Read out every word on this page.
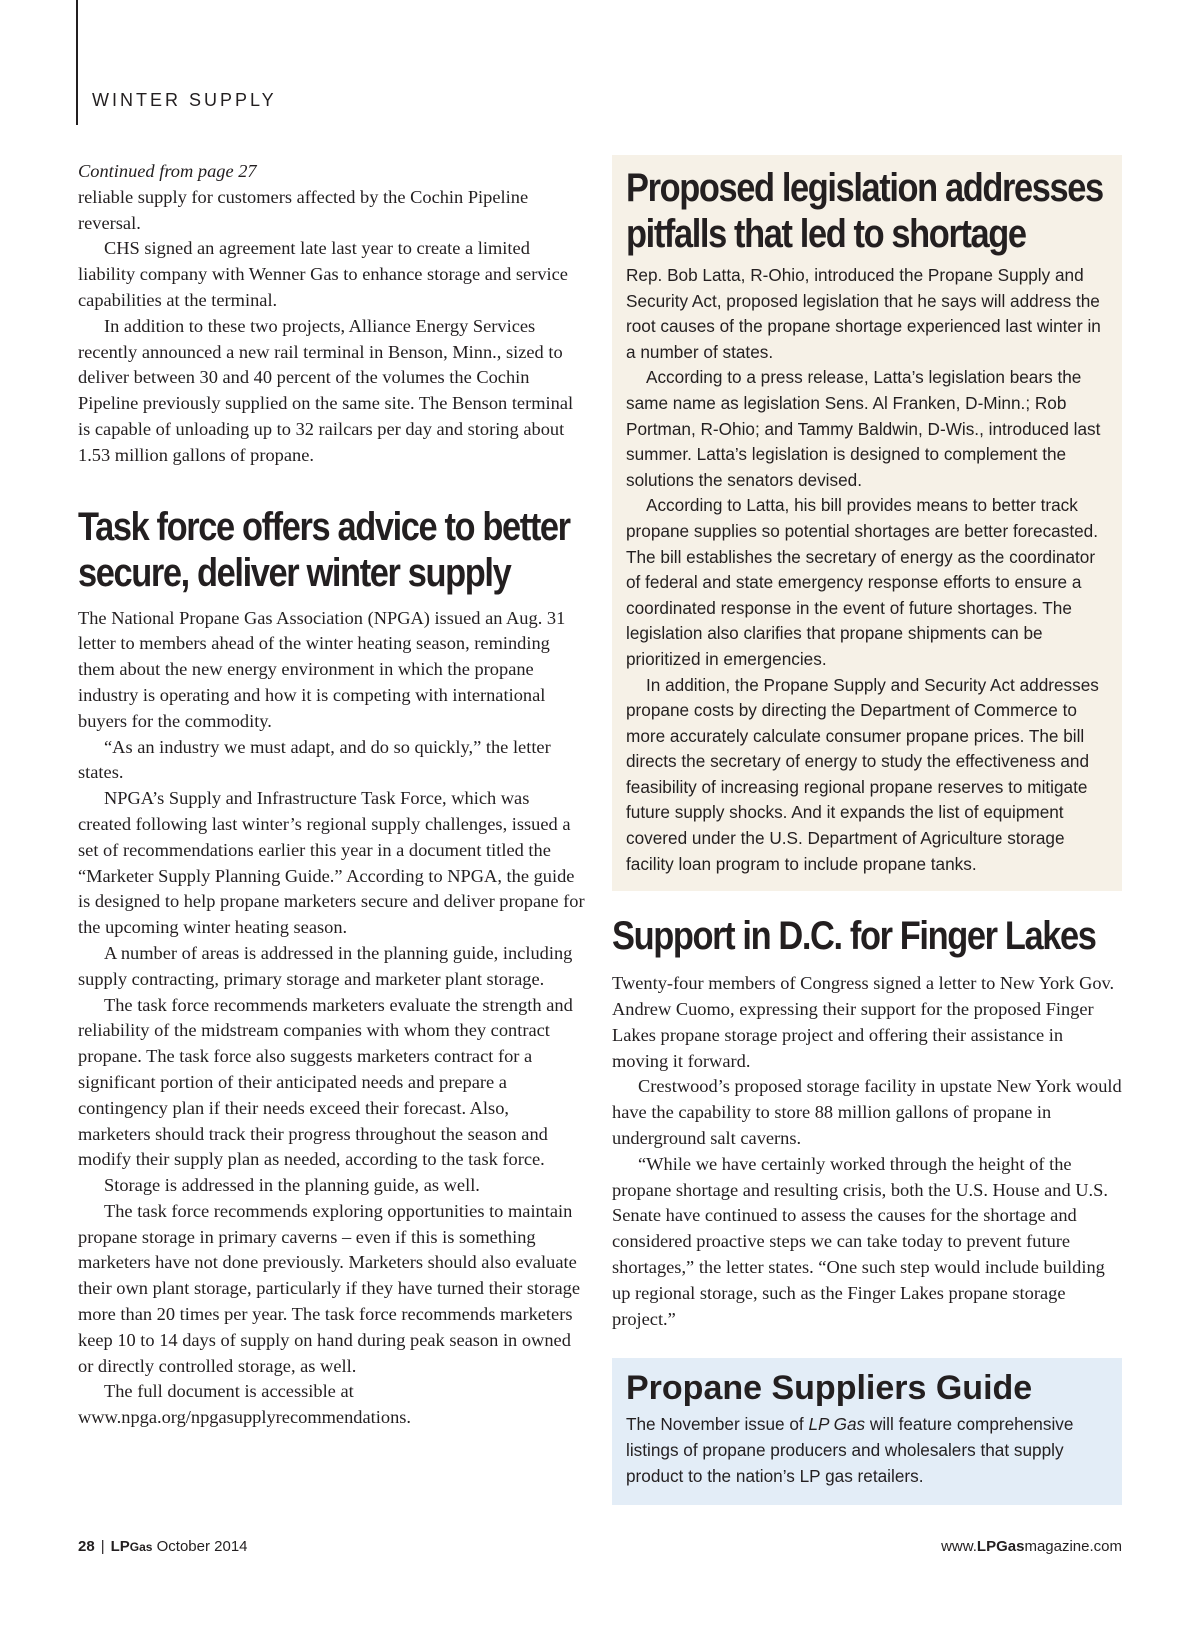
WINTER SUPPLY

Continued from page 27

reliable supply for customers affected by the Cochin Pipeline reversal.

CHS signed an agreement late last year to create a limited liability company with Wenner Gas to enhance storage and service capabilities at the terminal.

In addition to these two projects, Alliance Energy Services recently announced a new rail terminal in Benson, Minn., sized to deliver between 30 and 40 percent of the volumes the Cochin Pipeline previously supplied on the same site. The Benson terminal is capable of unloading up to 32 railcars per day and storing about 1.53 million gallons of propane.

Task force offers advice to better secure, deliver winter supply

The National Propane Gas Association (NPGA) issued an Aug. 31 letter to members ahead of the winter heating season, reminding them about the new energy environment in which the propane industry is operating and how it is competing with international buyers for the commodity.

“As an industry we must adapt, and do so quickly,” the letter states.

NPGA’s Supply and Infrastructure Task Force, which was created following last winter’s regional supply challenges, issued a set of recommendations earlier this year in a document titled the “Marketer Supply Planning Guide.” According to NPGA, the guide is designed to help propane marketers secure and deliver propane for the upcoming winter heating season.

A number of areas is addressed in the planning guide, including supply contracting, primary storage and marketer plant storage.

The task force recommends marketers evaluate the strength and reliability of the midstream companies with whom they contract propane. The task force also suggests marketers contract for a significant portion of their anticipated needs and prepare a contingency plan if their needs exceed their forecast. Also, marketers should track their progress throughout the season and modify their supply plan as needed, according to the task force.

Storage is addressed in the planning guide, as well.

The task force recommends exploring opportunities to maintain propane storage in primary caverns – even if this is something marketers have not done previously. Marketers should also evaluate their own plant storage, particularly if they have turned their storage more than 20 times per year. The task force recommends marketers keep 10 to 14 days of supply on hand during peak season in owned or directly controlled storage, as well.

The full document is accessible at www.npga.org/npgasupplyrecommendations.

Proposed legislation addresses pitfalls that led to shortage

Rep. Bob Latta, R-Ohio, introduced the Propane Supply and Security Act, proposed legislation that he says will address the root causes of the propane shortage experienced last winter in a number of states.

According to a press release, Latta’s legislation bears the same name as legislation Sens. Al Franken, D-Minn.; Rob Portman, R-Ohio; and Tammy Baldwin, D-Wis., introduced last summer. Latta’s legislation is designed to complement the solutions the senators devised.

According to Latta, his bill provides means to better track propane supplies so potential shortages are better forecasted. The bill establishes the secretary of energy as the coordinator of federal and state emergency response efforts to ensure a coordinated response in the event of future shortages. The legislation also clarifies that propane shipments can be prioritized in emergencies.

In addition, the Propane Supply and Security Act addresses propane costs by directing the Department of Commerce to more accurately calculate consumer propane prices. The bill directs the secretary of energy to study the effectiveness and feasibility of increasing regional propane reserves to mitigate future supply shocks. And it expands the list of equipment covered under the U.S. Department of Agriculture storage facility loan program to include propane tanks.

Support in D.C. for Finger Lakes

Twenty-four members of Congress signed a letter to New York Gov. Andrew Cuomo, expressing their support for the proposed Finger Lakes propane storage project and offering their assistance in moving it forward.

Crestwood’s proposed storage facility in upstate New York would have the capability to store 88 million gallons of propane in underground salt caverns.

“While we have certainly worked through the height of the propane shortage and resulting crisis, both the U.S. House and U.S. Senate have continued to assess the causes for the shortage and considered proactive steps we can take today to prevent future shortages,” the letter states. “One such step would include building up regional storage, such as the Finger Lakes propane storage project.”

Propane Suppliers Guide
The November issue of LP Gas will feature comprehensive listings of propane producers and wholesalers that supply product to the nation’s LP gas retailers.
28 | LPGas October 2014	www.LPGasmagazine.com
